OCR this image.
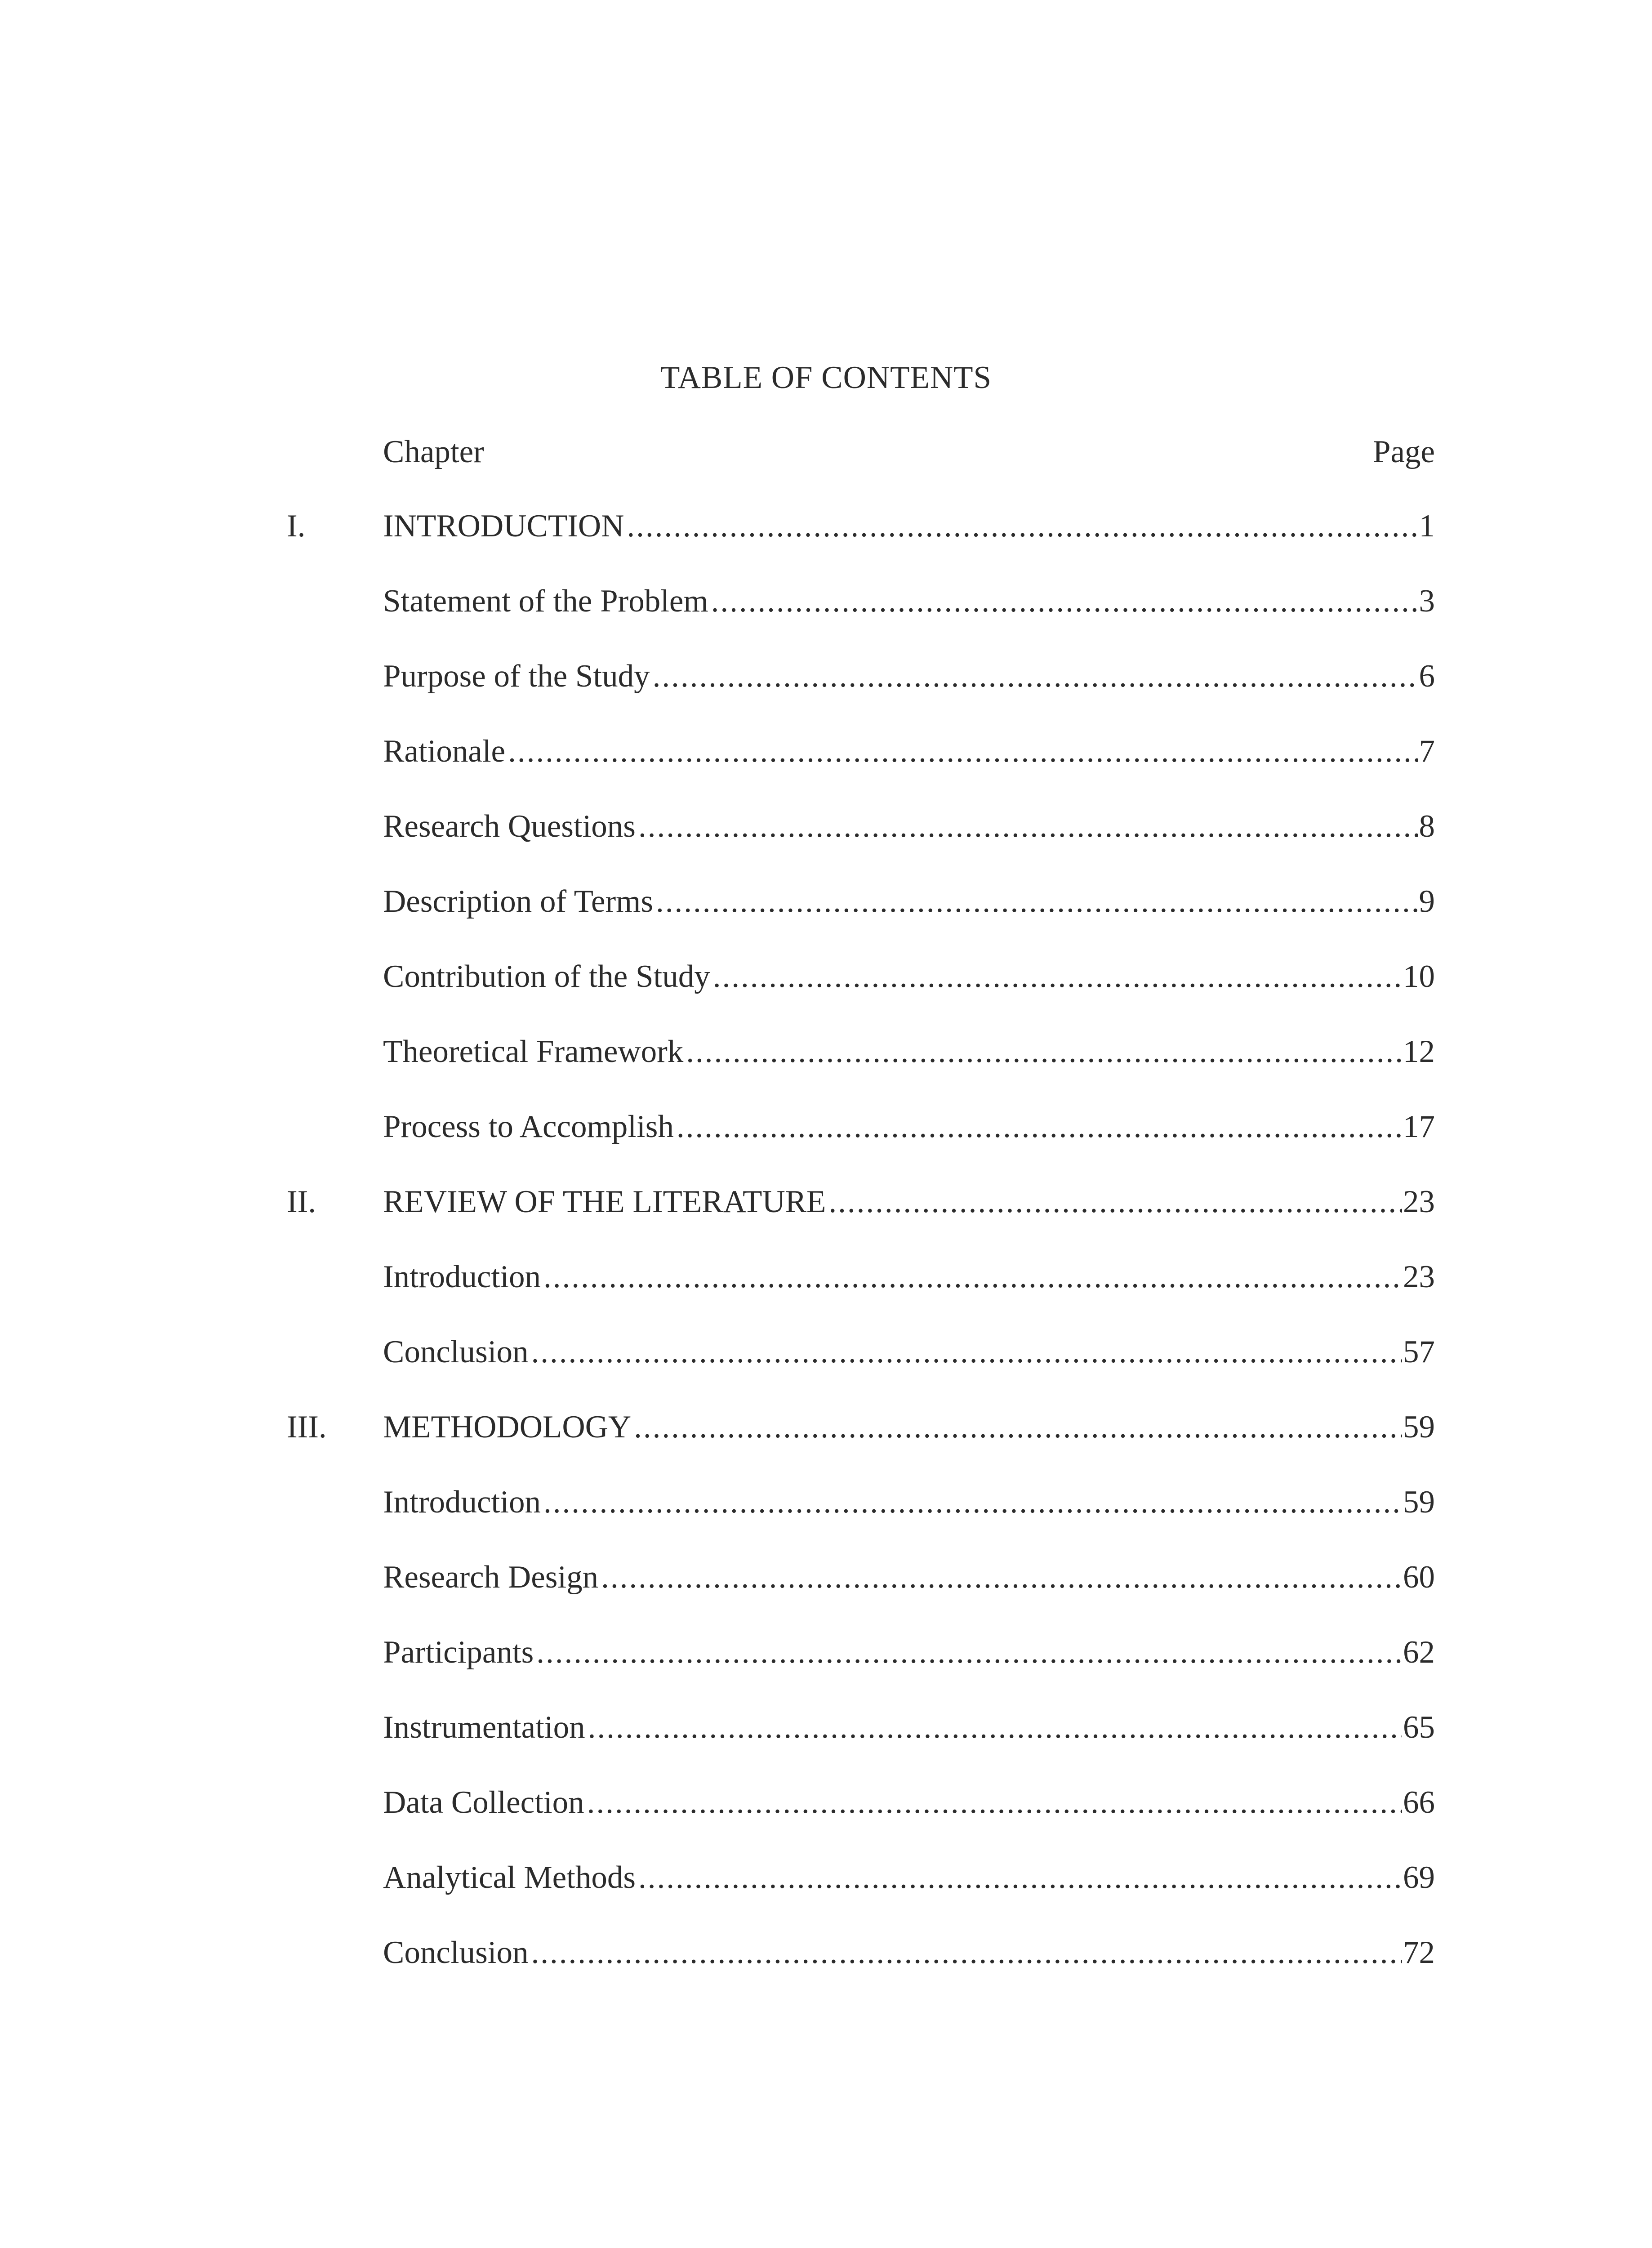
TABLE OF CONTENTS
Chapter	Page
I.	INTRODUCTION .....	1
Statement of the Problem .....	3
Purpose of the Study .....	6
Rationale .....	7
Research Questions .....	8
Description of Terms .....	9
Contribution of the Study .....	10
Theoretical Framework .....	12
Process to Accomplish .....	17
II.	REVIEW OF THE LITERATURE .....	23
Introduction .....	23
Conclusion .....	57
III.	METHODOLOGY .....	59
Introduction .....	59
Research Design .....	60
Participants .....	62
Instrumentation .....	65
Data Collection .....	66
Analytical Methods .....	69
Conclusion .....	72
